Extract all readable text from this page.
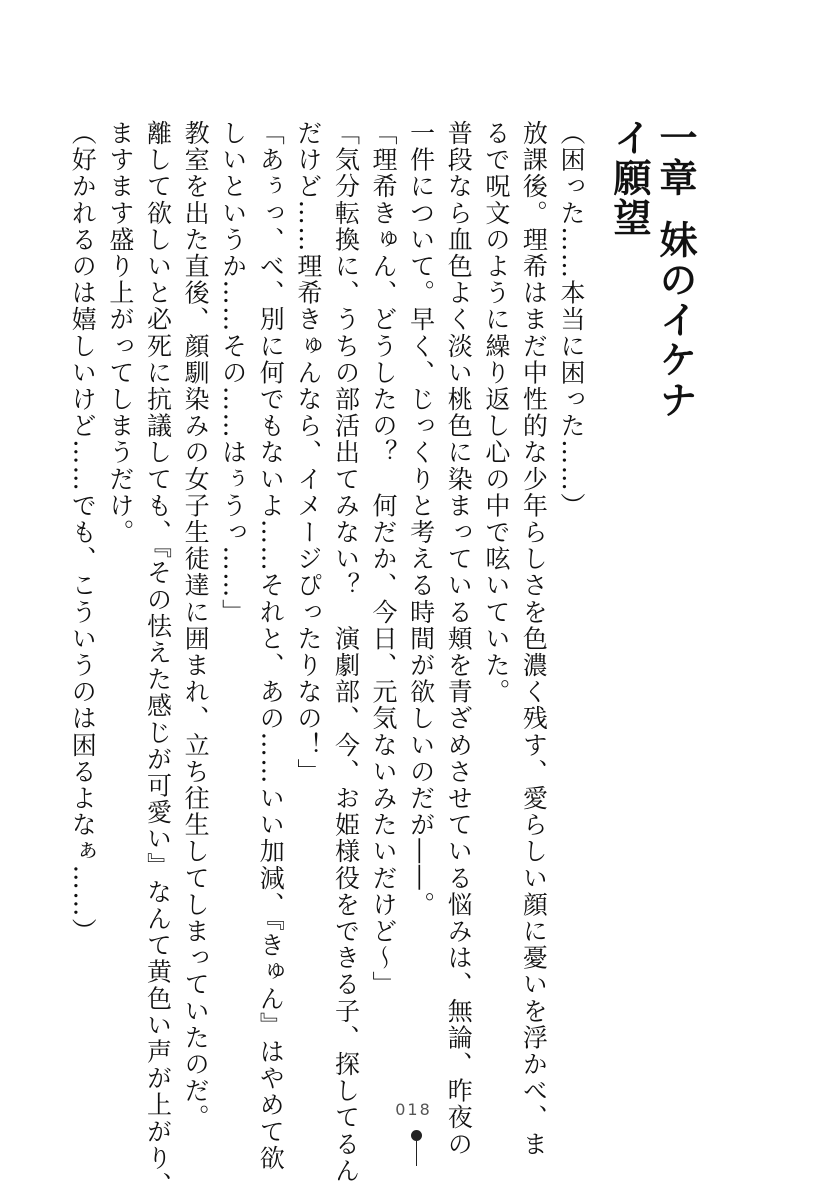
一章妹のイケナイ願望

（困った……本当に困った……）

放課後。理希はまだ中性的な少年らしさを色濃く残す、愛らしい顔に憂いを浮かべ、ま

るで呪文のように繰り返し心の中で呟いていた。

普段なら血色よく淡い桃色に染まっている頬を青ざめさせている悩みは、無論、昨夜の

一件について。早く、じっくりと考える時間が欲しいのだが――。

「理希きゅん、どうしたの？　何だか、今日、元気ないみたいだけど～」

「気分転換に、うちの部活出てみない？　演劇部、今、お姫様役をできる子、探してるん

だけど……理希きゅんなら、イメージぴったりなの！」

「あぅっ、べ、別に何でもないよ……それと、あの……いい加減、『きゅん』はやめて欲

しいというか……その……はぅうっ……」

教室を出た直後、顔馴染みの女子生徒達に囲まれ、立ち往生してしまっていたのだ。

離して欲しいと必死に抗議しても、『その怯えた感じが可愛い』なんて黄色い声が上がり、

ますます盛り上がってしまうだけ。

（好かれるのは嬉しいけど……でも、こういうのは困るよなぁ……）

018
